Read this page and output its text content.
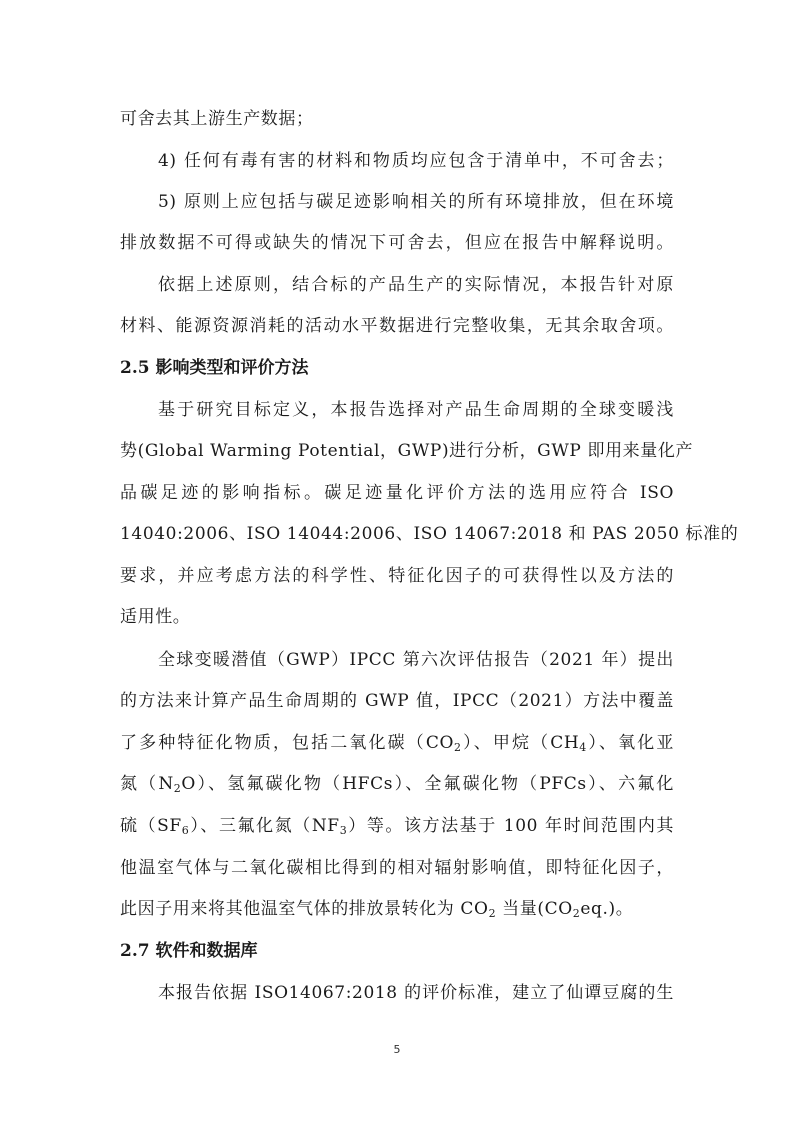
可舍去其上游生产数据；
4) 任何有毒有害的材料和物质均应包含于清单中，不可舍去；
5) 原则上应包括与碳足迹影响相关的所有环境排放，但在环境
排放数据不可得或缺失的情况下可舍去，但应在报告中解释说明。
依据上述原则，结合标的产品生产的实际情况，本报告针对原
材料、能源资源消耗的活动水平数据进行完整收集，无其余取舍项。
2.5 影响类型和评价方法
基于研究目标定义，本报告选择对产品生命周期的全球变暖浅
势(Global Warming Potential，GWP)进行分析，GWP 即用来量化产
品碳足迹的影响指标。碳足迹量化评价方法的选用应符合 ISO
14040:2006、ISO 14044:2006、ISO 14067:2018 和 PAS 2050 标准的
要求，并应考虑方法的科学性、特征化因子的可获得性以及方法的
适用性。
全球变暖潜值（GWP）IPCC 第六次评估报告（2021 年）提出
的方法来计算产品生命周期的 GWP 值，IPCC（2021）方法中覆盖
了多种特征化物质，包括二氧化碳$(CO_2)$、甲烷$(CH_4)$、氧化亚
氮$(N_2O)$、氢氟碳化物（HFCs）、全氟碳化物（PFCs）、六氟化
硫$(SF_6)$、三氟化氮$(NF_3)$等。该方法基于 100 年时间范围内其
他温室气体与二氧化碳相比得到的相对辐射影响值，即特征化因子，
此因子用来将其他温室气体的排放景转化为 $CO_2$ 当量$(CO_2eq.)$。
2.7 软件和数据库
本报告依据 ISO14067:2018 的评价标准，建立了仙谭豆腐的生
5
